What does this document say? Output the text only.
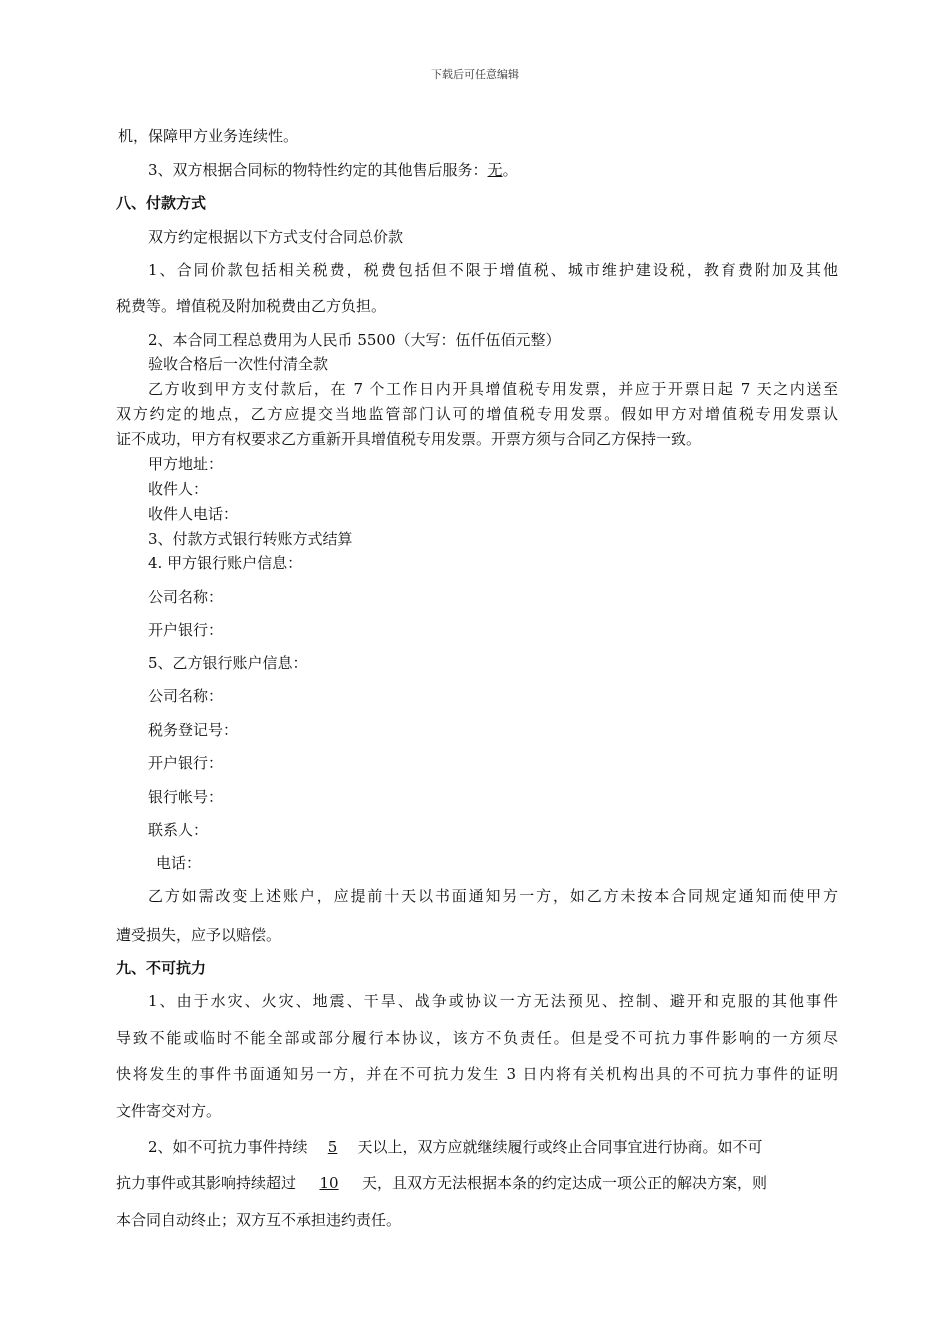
下载后可任意编辑
机，保障甲方业务连续性。
3、双方根据合同标的物特性约定的其他售后服务：无。
八、付款方式
双方约定根据以下方式支付合同总价款
1、合同价款包括相关税费，税费包括但不限于增值税、城市维护建设税，教育费附加及其他
税费等。增值税及附加税费由乙方负担。
2、本合同工程总费用为人民币 5500（大写：伍仟伍佰元整）
验收合格后一次性付清全款
乙方收到甲方支付款后，在 7 个工作日内开具增值税专用发票，并应于开票日起 7 天之内送至
双方约定的地点，乙方应提交当地监管部门认可的增值税专用发票。假如甲方对增值税专用发票认
证不成功，甲方有权要求乙方重新开具增值税专用发票。开票方须与合同乙方保持一致。
甲方地址：
收件人：
收件人电话：
3、付款方式银行转账方式结算
4. 甲方银行账户信息：
公司名称：
开户银行：
5、乙方银行账户信息：
公司名称：
税务登记号：
开户银行：
银行帐号：
联系人：
电话：
乙方如需改变上述账户，应提前十天以书面通知另一方，如乙方未按本合同规定通知而使甲方
遭受损失，应予以赔偿。
九、不可抗力
1、由于水灾、火灾、地震、干旱、战争或协议一方无法预见、控制、避开和克服的其他事件
导致不能或临时不能全部或部分履行本协议，该方不负责任。但是受不可抗力事件影响的一方须尽
快将发生的事件书面通知另一方，并在不可抗力发生 3 日内将有关机构出具的不可抗力事件的证明
文件寄交对方。
2、如不可抗力事件持续 5 天以上，双方应就继续履行或终止合同事宜进行协商。如不可
抗力事件或其影响持续超过 10 天，且双方无法根据本条的约定达成一项公正的解决方案，则
本合同自动终止；双方互不承担违约责任。
